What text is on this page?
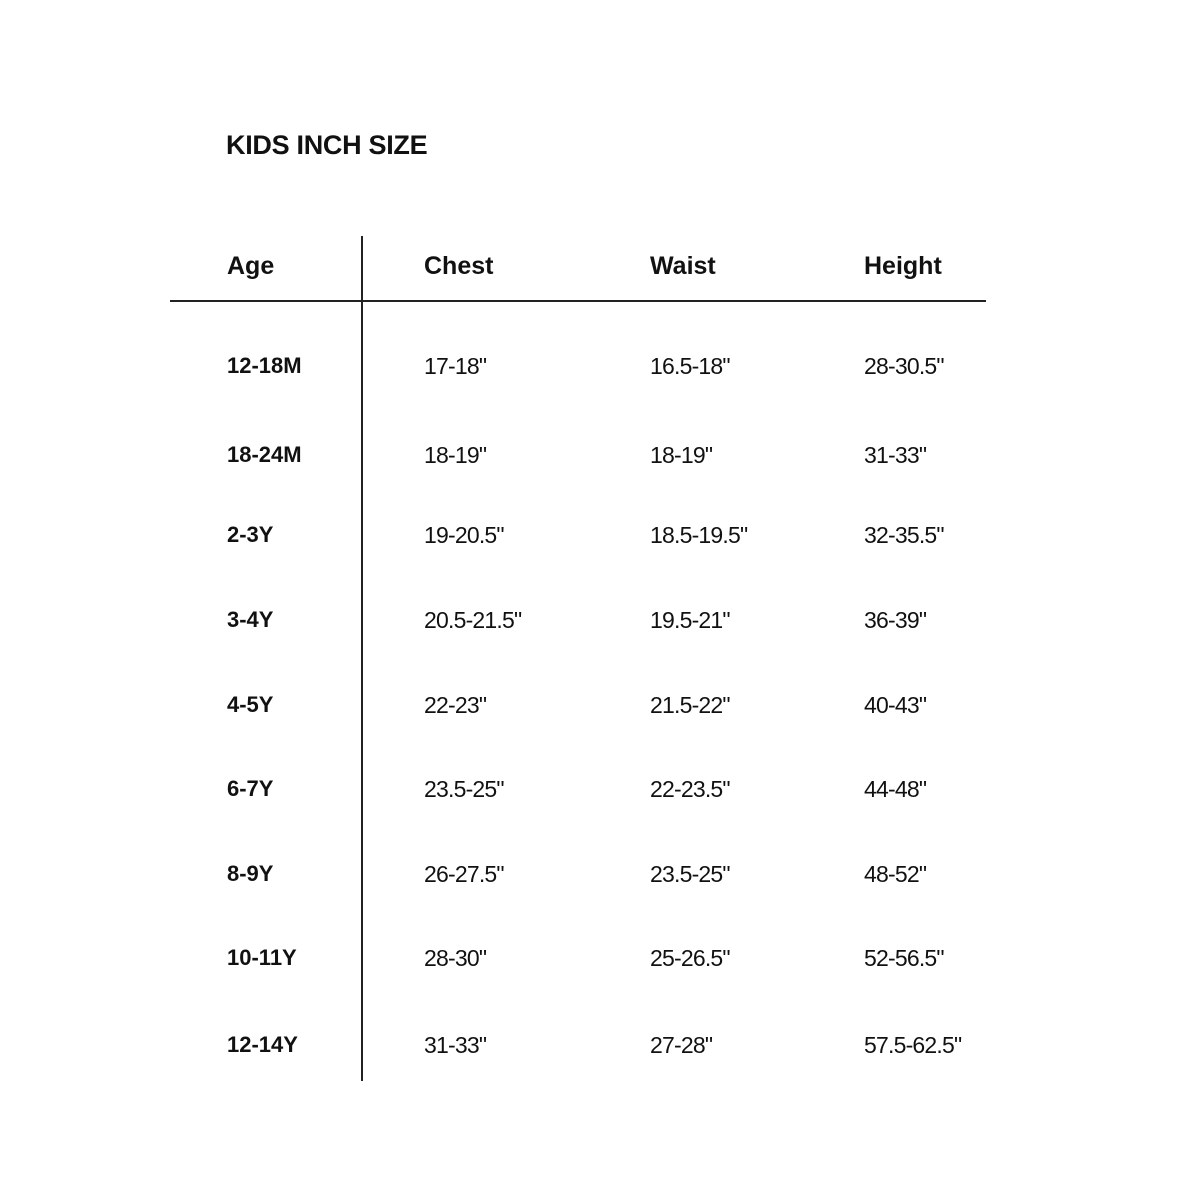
KIDS INCH SIZE
Age	Chest	Waist	Height
12-18M	17-18"	16.5-18"	28-30.5"
18-24M	18-19"	18-19"	31-33"
2-3Y	19-20.5"	18.5-19.5"	32-35.5"
3-4Y	20.5-21.5"	19.5-21"	36-39"
4-5Y	22-23"	21.5-22"	40-43"
6-7Y	23.5-25"	22-23.5"	44-48"
8-9Y	26-27.5"	23.5-25"	48-52"
10-11Y	28-30"	25-26.5"	52-56.5"
12-14Y	31-33"	27-28"	57.5-62.5"
